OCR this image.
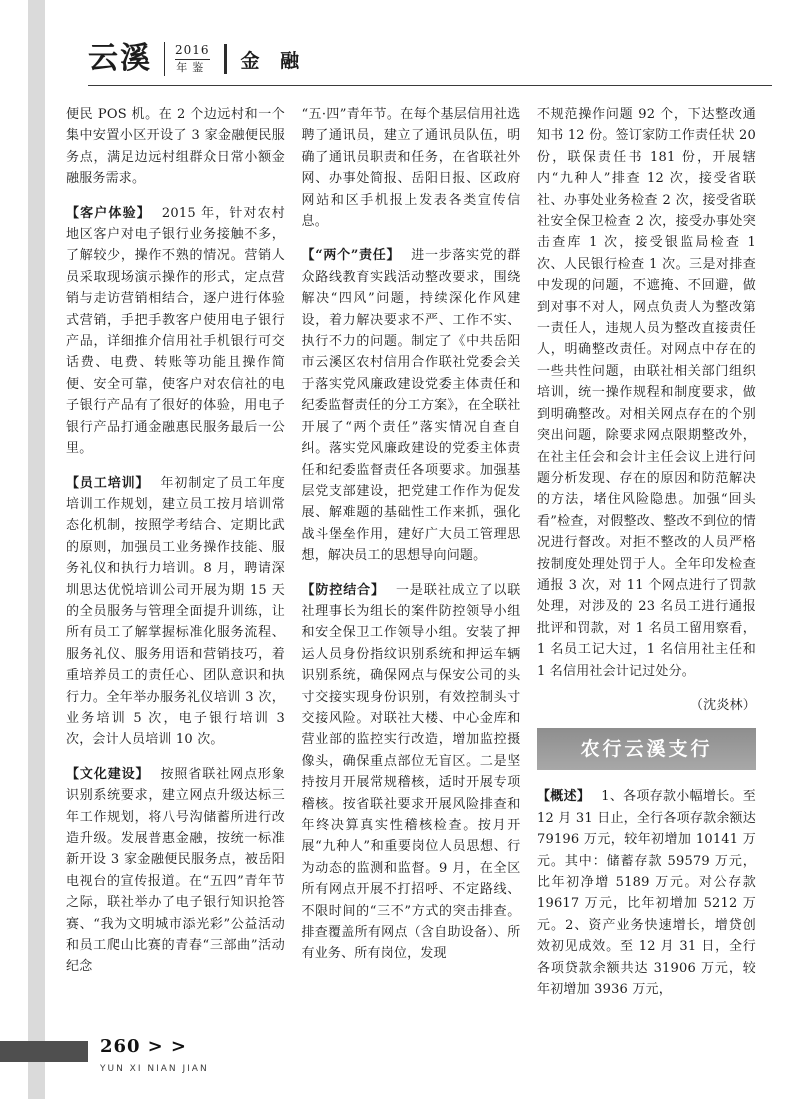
云溪 2016
年鉴 金 融

便民 POS 机。在 2 个边远村和一个集中安置小区开设了 3 家金融便民服务点，满足边远村组群众日常小额金融服务需求。

【客户体验】 2015 年，针对农村地区客户对电子银行业务接触不多，了解较少，操作不熟的情况。营销人员采取现场演示操作的形式，定点营销与走访营销相结合，逐户进行体验式营销，手把手教客户使用电子银行产品，详细推介信用社手机银行可交话费、电费、转账等功能且操作简便、安全可靠，使客户对农信社的电子银行产品有了很好的体验，用电子银行产品打通金融惠民服务最后一公里。

【员工培训】 年初制定了员工年度培训工作规划，建立员工按月培训常态化机制，按照学考结合、定期比武的原则，加强员工业务操作技能、服务礼仪和执行力培训。8 月，聘请深圳思达优悦培训公司开展为期 15 天的全员服务与管理全面提升训练，让所有员工了解掌握标准化服务流程、服务礼仪、服务用语和营销技巧，着重培养员工的责任心、团队意识和执行力。全年举办服务礼仪培训 3 次，业务培训 5 次，电子银行培训 3 次，会计人员培训 10 次。

【文化建设】 按照省联社网点形象识别系统要求，建立网点升级达标三年工作规划，将八号沟储蓄所进行改造升级。发展普惠金融，按统一标准新开设 3 家金融便民服务点，被岳阳电视台的宣传报道。在“五四”青年节之际，联社举办了电子银行知识抢答赛、“我为文明城市添光彩”公益活动和员工爬山比赛的青春“三部曲”活动纪念

“五·四”青年节。在每个基层信用社选聘了通讯员，建立了通讯员队伍，明确了通讯员职责和任务，在省联社外网、办事处简报、岳阳日报、区政府网站和区手机报上发表各类宣传信息。

【“两个”责任】 进一步落实党的群众路线教育实践活动整改要求，围绕解决“四风”问题，持续深化作风建设，着力解决要求不严、工作不实、执行不力的问题。制定了《中共岳阳市云溪区农村信用合作联社党委会关于落实党风廉政建设党委主体责任和纪委监督责任的分工方案》，在全联社开展了“两个责任”落实情况自查自纠。落实党风廉政建设的党委主体责任和纪委监督责任各项要求。加强基层党支部建设，把党建工作作为促发展、解难题的基础性工作来抓，强化战斗堡垒作用，建好广大员工管理思想，解决员工的思想导向问题。

【防控结合】 一是联社成立了以联社理事长为组长的案件防控领导小组和安全保卫工作领导小组。安装了押运人员身份指纹识别系统和押运车辆识别系统，确保网点与保安公司的头寸交接实现身份识别，有效控制头寸交接风险。对联社大楼、中心金库和营业部的监控实行改造，增加监控摄像头，确保重点部位无盲区。二是坚持按月开展常规稽核，适时开展专项稽核。按省联社要求开展风险排查和年终决算真实性稽核检查。按月开展“九种人”和重要岗位人员思想、行为动态的监测和监督。9 月，在全区所有网点开展不打招呼、不定路线、不限时间的“三不”方式的突击排查。排查覆盖所有网点（含自助设备）、所有业务、所有岗位，发现

不规范操作问题 92 个，下达整改通知书 12 份。签订家防工作责任状 20 份，联保责任书 181 份，开展辖内“九种人”排查 12 次，接受省联社、办事处业务检查 2 次，接受省联社安全保卫检查 2 次，接受办事处突击查库 1 次，接受银监局检查 1 次、人民银行检查 1 次。三是对排查中发现的问题，不遮掩、不回避，做到对事不对人，网点负责人为整改第一责任人，违规人员为整改直接责任人，明确整改责任。对网点中存在的一些共性问题，由联社相关部门组织培训，统一操作规程和制度要求，做到明确整改。对相关网点存在的个别突出问题，除要求网点限期整改外，在社主任会和会计主任会议上进行问题分析发现、存在的原因和防范解决的方法，堵住风险隐患。加强“回头看”检查，对假整改、整改不到位的情况进行督改。对拒不整改的人员严格按制度处理处罚于人。全年印发检查通报 3 次，对 11 个网点进行了罚款处理，对涉及的 23 名员工进行通报批评和罚款，对 1 名员工留用察看，1 名员工记大过，1 名信用社主任和 1 名信用社会计记过处分。

（沈炎林）

农行云溪支行

【概述】 1、各项存款小幅增长。至 12 月 31 日止，全行各项存款余额达 79196 万元，较年初增加 10141 万元。其中：储蓄存款 59579 万元，比年初净增 5189 万元。对公存款 19617 万元，比年初增加 5212 万元。2、资产业务快速增长，增贷创效初见成效。至 12 月 31 日，全行各项贷款余额共达 31906 万元，较年初增加 3936 万元，

260 > >
YUN XI NIAN JIAN
